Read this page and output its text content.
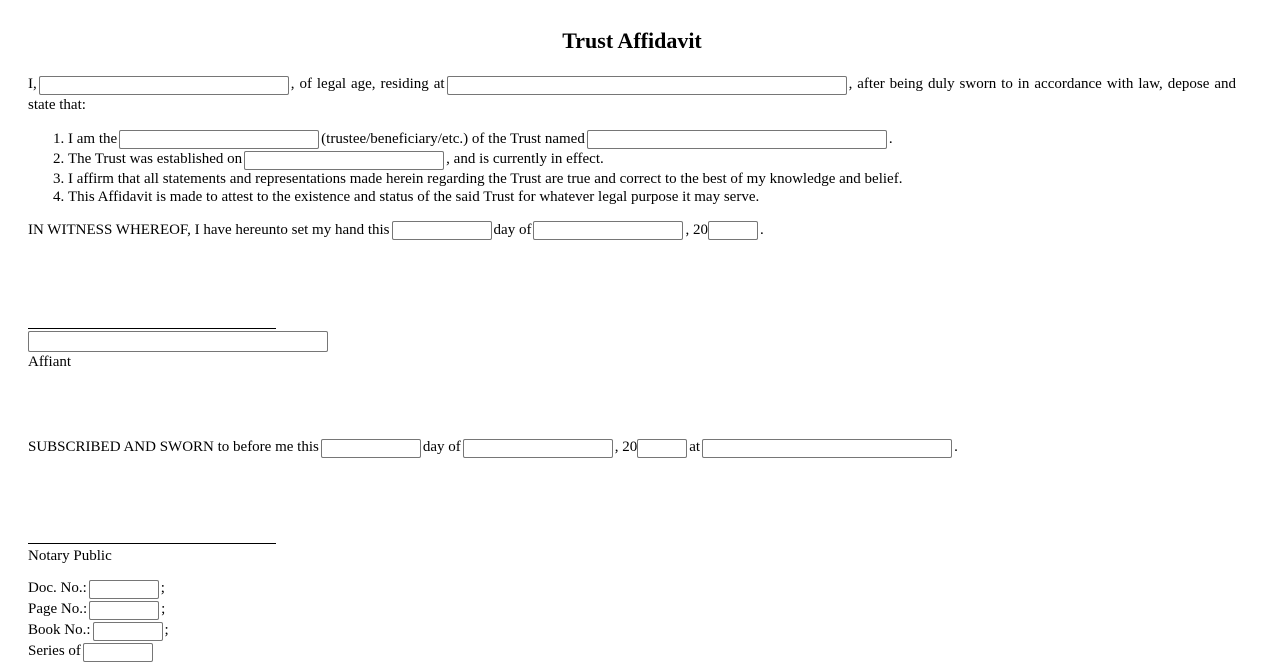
Trust Affidavit
I,	, of legal age, residing at	, after being duly sworn to in accordance with law, depose and state that:
1. I am the	(trustee/beneficiary/etc.) of the Trust named	.
2. The Trust was established on	, and is currently in effect.
3. I affirm that all statements and representations made herein regarding the Trust are true and correct to the best of my knowledge and belief.
4. This Affidavit is made to attest to the existence and status of the said Trust for whatever legal purpose it may serve.
IN WITNESS WHEREOF, I have hereunto set my hand this	day of	, 20	.
Affiant
SUBSCRIBED AND SWORN to before me this	day of	, 20	at	.
Notary Public
Doc. No.:	;
Page No.:	;
Book No.:	;
Series of
